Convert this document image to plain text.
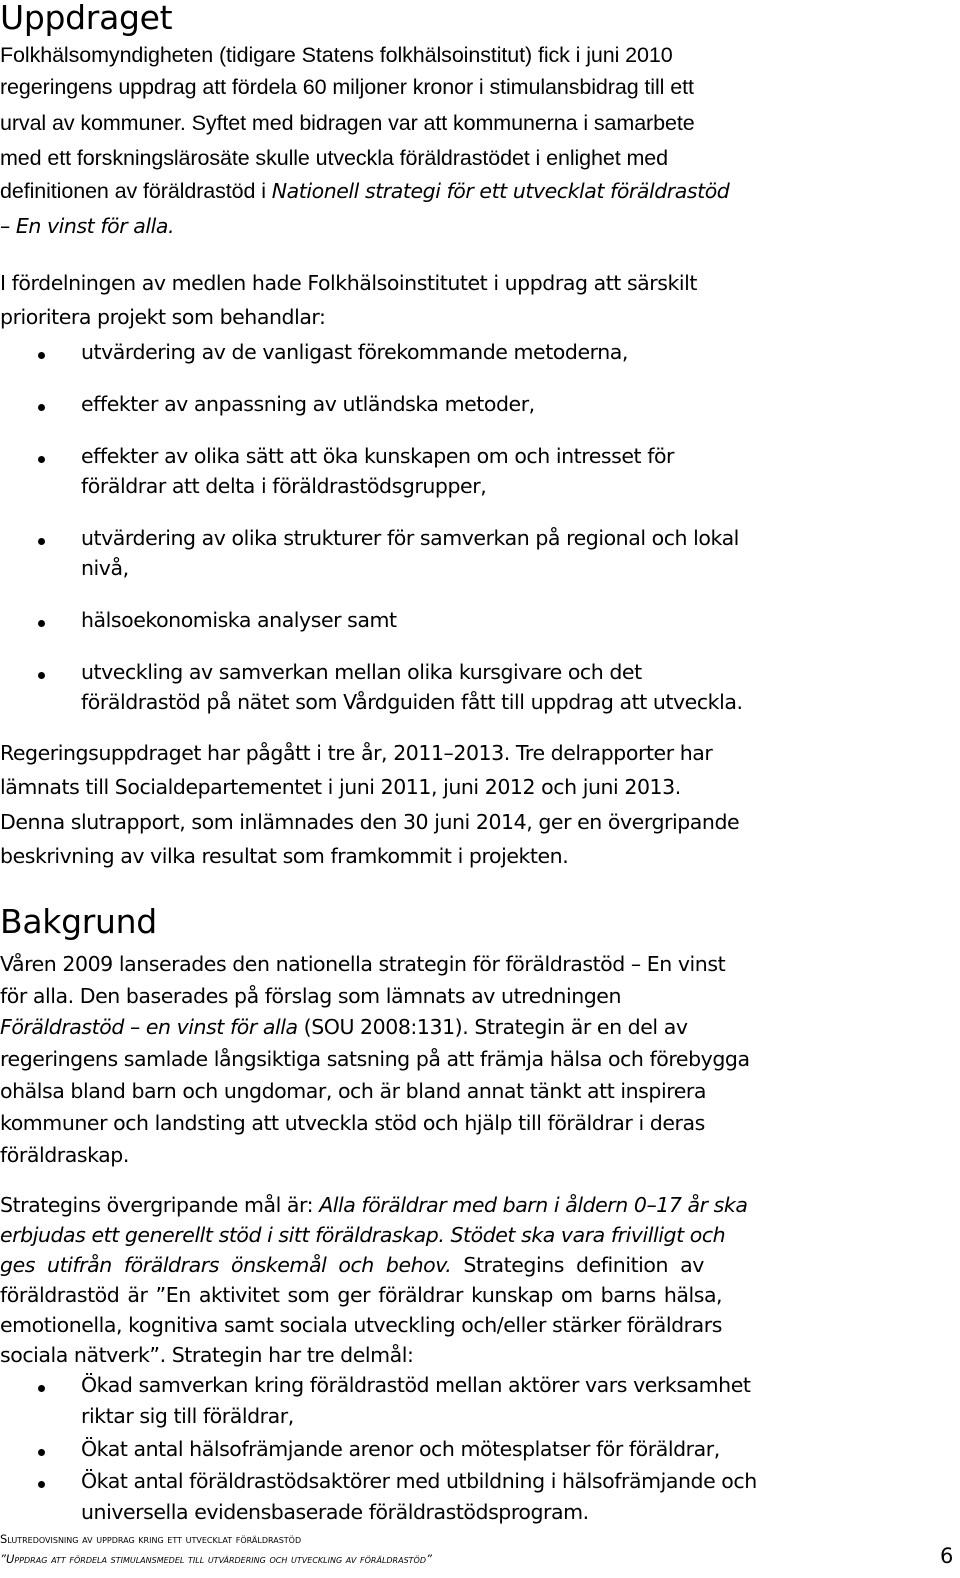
Uppdraget
Folkhälsomyndigheten (tidigare Statens folkhälsoinstitut) fick i juni 2010
regeringens uppdrag att fördela 60 miljoner kronor i stimulansbidrag till ett
urval av kommuner. Syftet med bidragen var att kommunerna i samarbete
med ett forskningslärosäte skulle utveckla föräldrastödet i enlighet med
definitionen av föräldrastöd i Nationell strategi för ett utvecklat föräldrastöd
– En vinst för alla.
I fördelningen av medlen hade Folkhälsoinstitutet i uppdrag att särskilt
prioritera projekt som behandlar:
utvärdering av de vanligast förekommande metoderna,
effekter av anpassning av utländska metoder,
effekter av olika sätt att öka kunskapen om och intresset för
föräldrar att delta i föräldrastödsgrupper,
utvärdering av olika strukturer för samverkan på regional och lokal
nivå,
hälsoekonomiska analyser samt
utveckling av samverkan mellan olika kursgivare och det
föräldrastöd på nätet som Vårdguiden fått till uppdrag att utveckla.
Regeringsuppdraget har pågått i tre år, 2011–2013. Tre delrapporter har
lämnats till Socialdepartementet i juni 2011, juni 2012 och juni 2013.
Denna slutrapport, som inlämnades den 30 juni 2014, ger en övergripande
beskrivning av vilka resultat som framkommit i projekten.
Bakgrund
Våren 2009 lanserades den nationella strategin för föräldrastöd – En vinst
för alla. Den baserades på förslag som lämnats av utredningen
Föräldrastöd – en vinst för alla (SOU 2008:131). Strategin är en del av
regeringens samlade långsiktiga satsning på att främja hälsa och förebygga
ohälsa bland barn och ungdomar, och är bland annat tänkt att inspirera
kommuner och landsting att utveckla stöd och hjälp till föräldrar i deras
föräldraskap.
Strategins övergripande mål är: Alla föräldrar med barn i åldern 0–17 år ska
erbjudas ett generellt stöd i sitt föräldraskap. Stödet ska vara frivilligt och
ges utifrån föräldrars önskemål och behov. Strategins definition av
föräldrastöd är ”En aktivitet som ger föräldrar kunskap om barns hälsa,
emotionella, kognitiva samt sociala utveckling och/eller stärker föräldrars
sociala nätverk”. Strategin har tre delmål:
Ökad samverkan kring föräldrastöd mellan aktörer vars verksamhet
riktar sig till föräldrar,
Ökat antal hälsofrämjande arenor och mötesplatser för föräldrar,
Ökat antal föräldrastödsaktörer med utbildning i hälsofrämjande och
universella evidensbaserade föräldrastödsprogram.
Slutredovisning av uppdrag kring ett utvecklat föräldrastöd
”Uppdrag att fördela stimulansmedel till utvärdering och utveckling av föräldrastöd”	6
